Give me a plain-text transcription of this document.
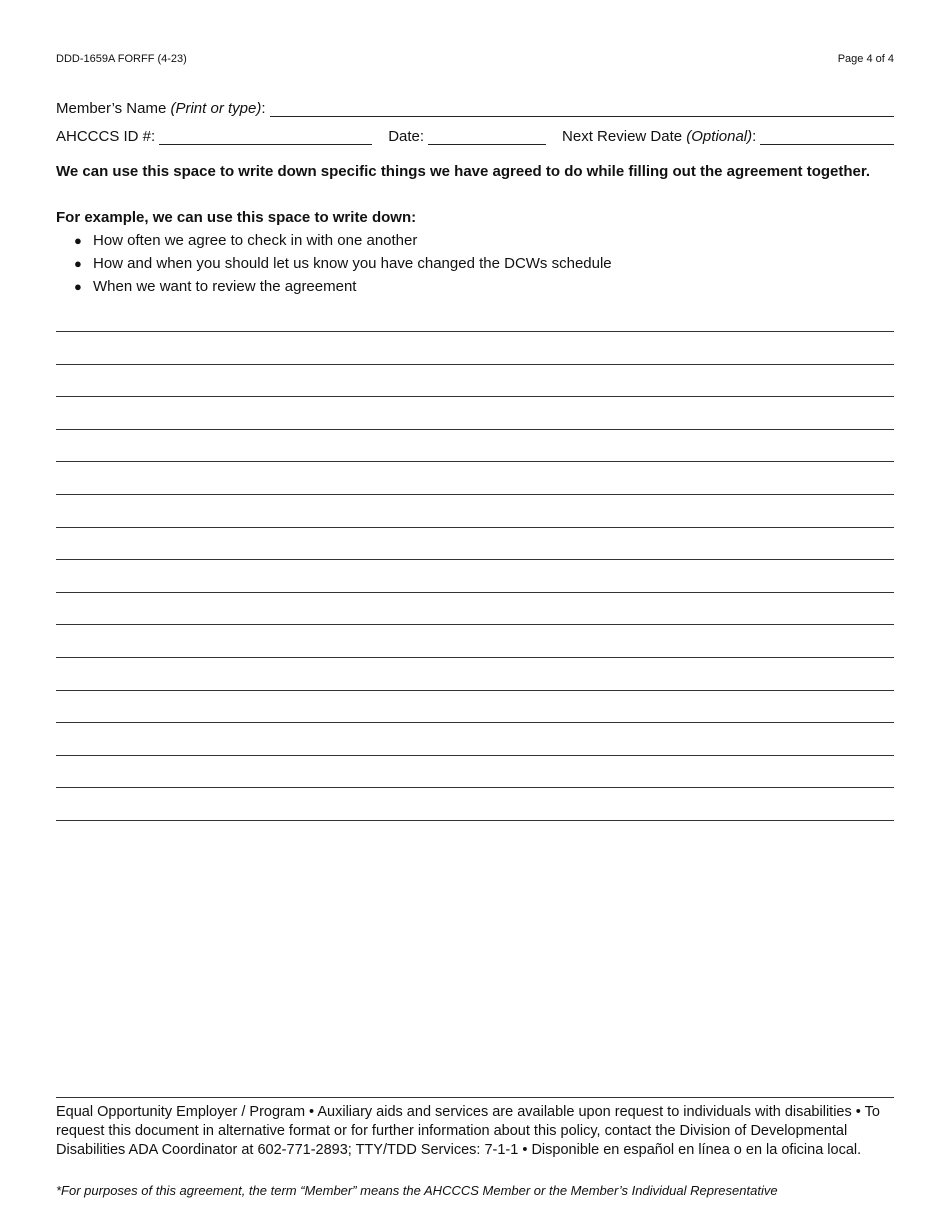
DDD-1659A FORFF (4-23)	Page 4 of 4
Member’s Name (Print or type):
AHCCCS ID #:	Date:	Next Review Date (Optional):
We can use this space to write down specific things we have agreed to do while filling out the agreement together.
For example, we can use this space to write down:
● How often we agree to check in with one another
● How and when you should let us know you have changed the DCWs schedule
● When we want to review the agreement
Equal Opportunity Employer / Program • Auxiliary aids and services are available upon request to individuals with disabilities • To request this document in alternative format or for further information about this policy, contact the Division of Developmental Disabilities ADA Coordinator at 602-771-2893; TTY/TDD Services: 7-1-1 • Disponible en español en línea o en la oficina local.
*For purposes of this agreement, the term “Member” means the AHCCCS Member or the Member’s Individual Representative
